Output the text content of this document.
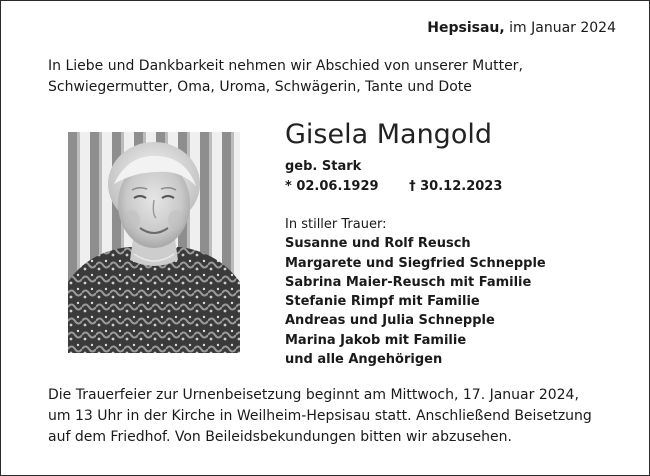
Hepsisau, im Januar 2024
In Liebe und Dankbarkeit nehmen wir Abschied von unserer Mutter,
Schwiegermutter, Oma, Uroma, Schwägerin, Tante und Dote
Gisela Mangold
geb. Stark
* 02.06.1929 † 30.12.2023
In stiller Trauer:
Susanne und Rolf Reusch
Margarete und Siegfried Schnepple
Sabrina Maier-Reusch mit Familie
Stefanie Rimpf mit Familie
Andreas und Julia Schnepple
Marina Jakob mit Familie
und alle Angehörigen
Die Trauerfeier zur Urnenbeisetzung beginnt am Mittwoch, 17. Januar 2024,
um 13 Uhr in der Kirche in Weilheim-Hepsisau statt. Anschließend Beisetzung
auf dem Friedhof. Von Beileidsbekundungen bitten wir abzusehen.
